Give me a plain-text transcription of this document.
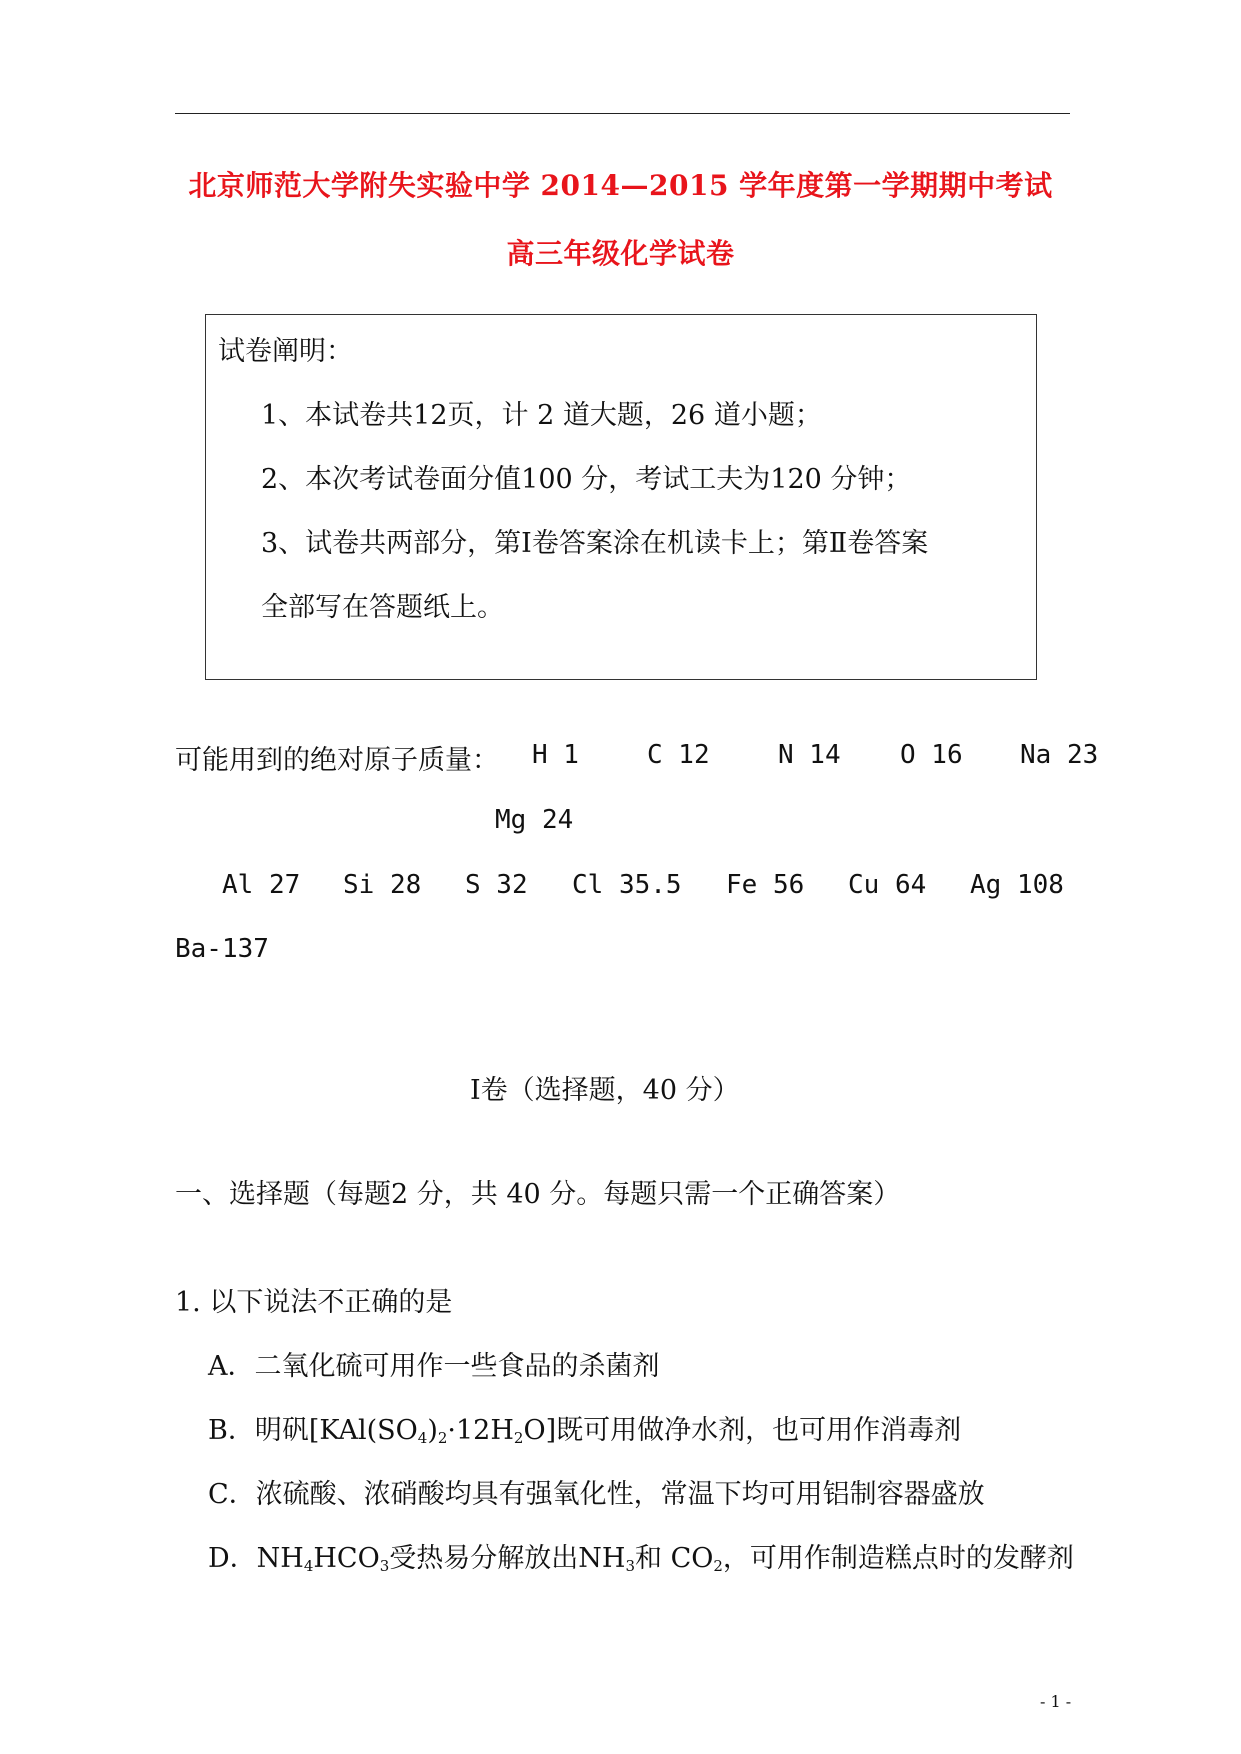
北京师范大学附失实验中学 2014—2015 学年度第一学期期中考试
高三年级化学试卷
试卷阐明：
1、本试卷共12页，计 2 道大题，26 道小题；
2、本次考试卷面分值100 分，考试工夫为120 分钟；
3、试卷共两部分，第Ⅰ卷答案涂在机读卡上；第Ⅱ卷答案
全部写在答题纸上。
可能用到的绝对原子质量： H 1	C 12	N 14 O 16 Na 23
Mg 24
Al 27 Si 28 S 32 Cl 35.5 Fe 56 Cu 64 Ag 108
Ba-137
Ⅰ卷（选择题，40 分）
一、选择题（每题2 分，共 40 分。每题只需一个正确答案）
1. 以下说法不正确的是
A．二氧化硫可用作一些食品的杀菌剂
B．明矾$[KAl(SO_4)_2\cdot 12H_2O]$既可用做净水剂，也可用作消毒剂
C．浓硫酸、浓硝酸均具有强氧化性，常温下均可用铝制容器盛放
D．$NH_4HCO_3$受热易分解放出$NH_3$和 $CO_2$，可用作制造糕点时的发酵剂
- 1 -
